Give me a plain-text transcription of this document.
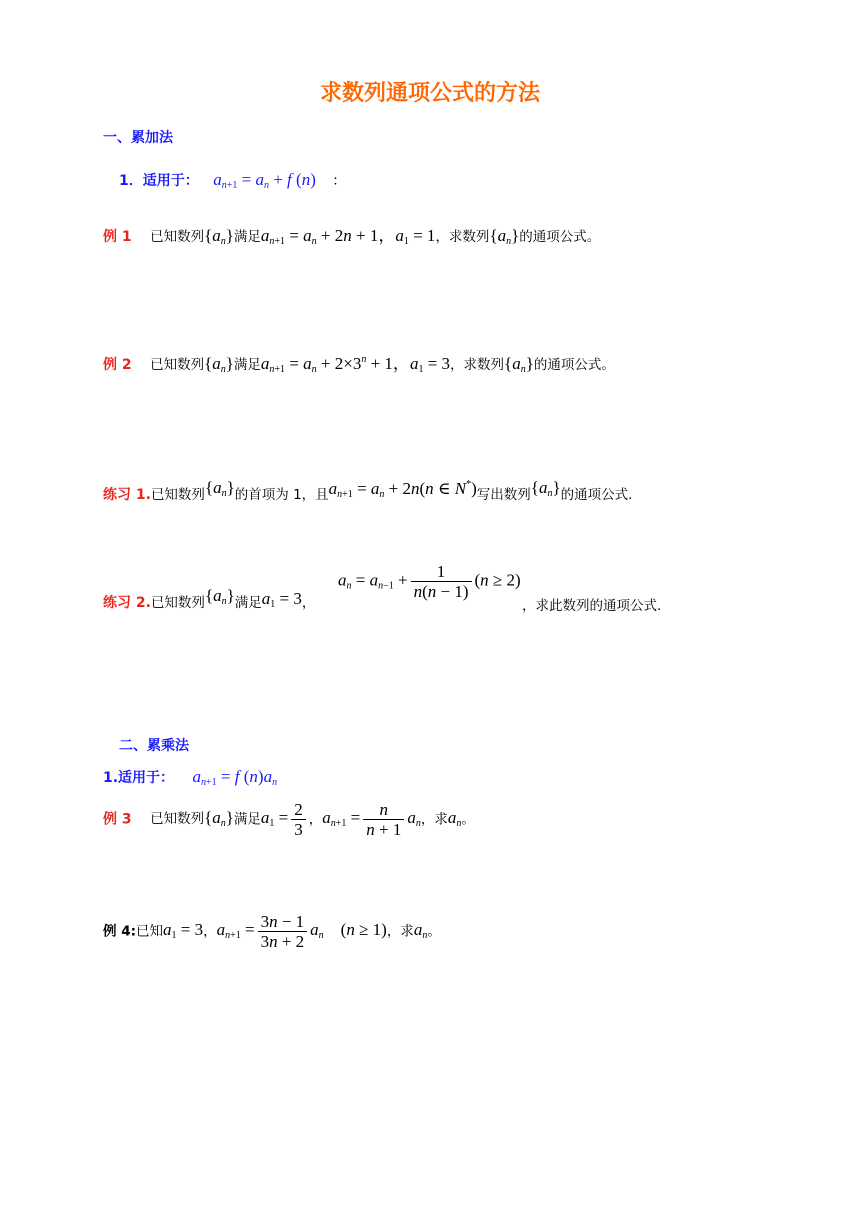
求数列通项公式的方法
一、累加法
1．适用于： $a_{n+1} = a_n + f$ (n) ：
例 1 已知数列$\{a_n\}$满足$a_{n+1} = a_n + 2n + 1$，$a_1 = 1$，求数列$\{a_n\}$的通项公式。
例 2 已知数列$\{a_n\}$满足$a_{n+1} = a_n + 2\times 3^n + 1$，$a_1 = 3$，求数列$\{a_n\}$的通项公式。
练习 1.已知数列$\{a_n\}$的首项为 1，且$a_{n+1} = a_n + 2n(n$ ∈ N*)写出数列$\{a_n\}$的通项公式.
练习 2.已知数列$\{a_n\}$满足$a_1 = 3$，
$a_n = a_{n-1} + \frac{1}{n(n - 1)} (n \ge 2)$
，求此数列的通项公式.
二、累乘法
1.适用于： $a_{n+1} = f$ $(n)a_n$
例 3 已知数列$\{a_n\}$满足$a_1 = \frac{2}{3}$ ，$a_{n+1} = \frac{n}{n + 1} a_n$，求$a_n$。
例 4:已知$a_1 = 3$，$a_{n+1} = \frac{3n - 1}{3n + 2} a_n$　(n ≥ 1)，求$a_n$。
